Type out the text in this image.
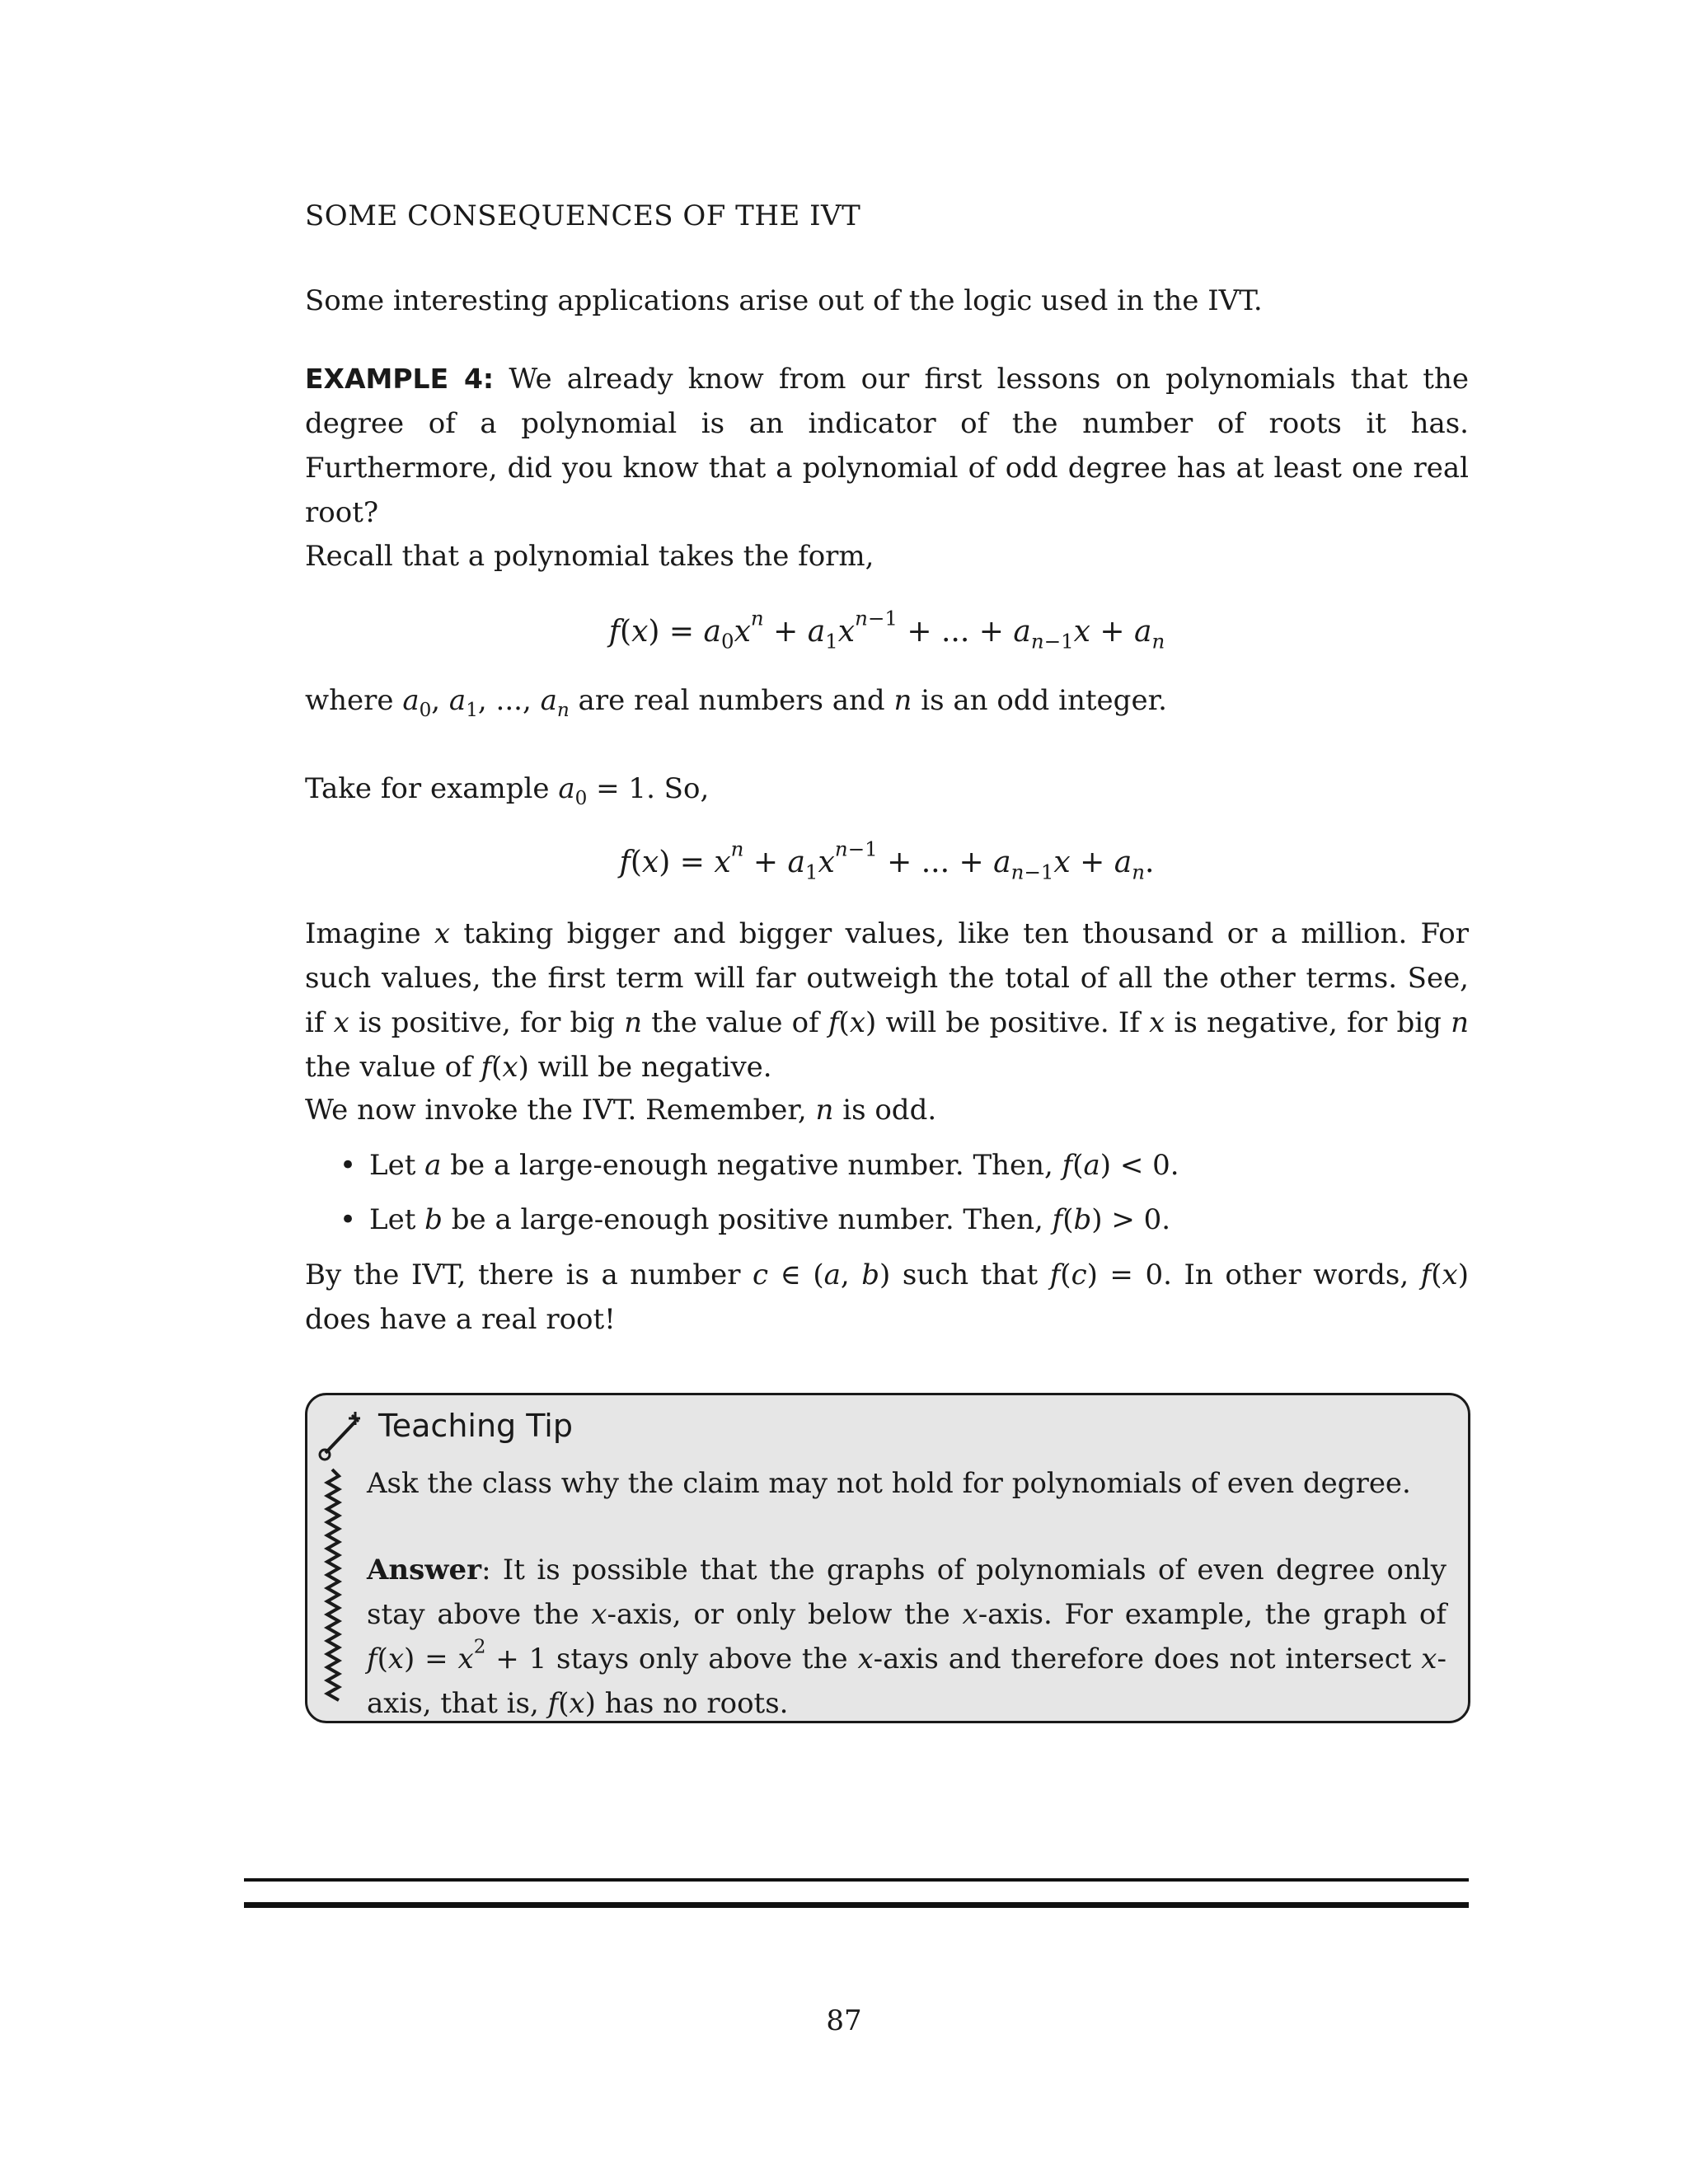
SOME CONSEQUENCES OF THE IVT
Some interesting applications arise out of the logic used in the IVT.
EXAMPLE 4: We already know from our first lessons on polynomials that the degree of a polynomial is an indicator of the number of roots it has. Furthermore, did you know that a polynomial of odd degree has at least one real root?
Recall that a polynomial takes the form,
$f(x) = a_0x^n + a_1x^{n-1}$ + ... + $a_{n-1}x + a_n$
where $a_0$, $a_1$, ..., $a_n$ are real numbers and n is an odd integer.
Take for example $a_0 = 1$. So,
$f(x) = x^n + a_1x^{n-1}$ + ... + $a_{n-1}x + a_n$.
Imagine x taking bigger and bigger values, like ten thousand or a million. For such values, the first term will far outweigh the total of all the other terms. See, if x is positive, for big n the value of f(x) will be positive. If x is negative, for big n the value of f(x) will be negative.
We now invoke the IVT. Remember, n is odd.
• Let a be a large-enough negative number. Then, f(a) < 0.
• Let b be a large-enough positive number. Then, f(b) > 0.
By the IVT, there is a number c ∈ (a, b) such that f(c) = 0. In other words, f(x) does have a real root!
Teaching Tip
Ask the class why the claim may not hold for polynomials of even degree.
Answer: It is possible that the graphs of polynomials of even degree only stay above the x-axis, or only below the x-axis. For example, the graph of $f(x) = x^2 + 1$ stays only above the x-axis and therefore does not intersect x-axis, that is, f(x) has no roots.
87
